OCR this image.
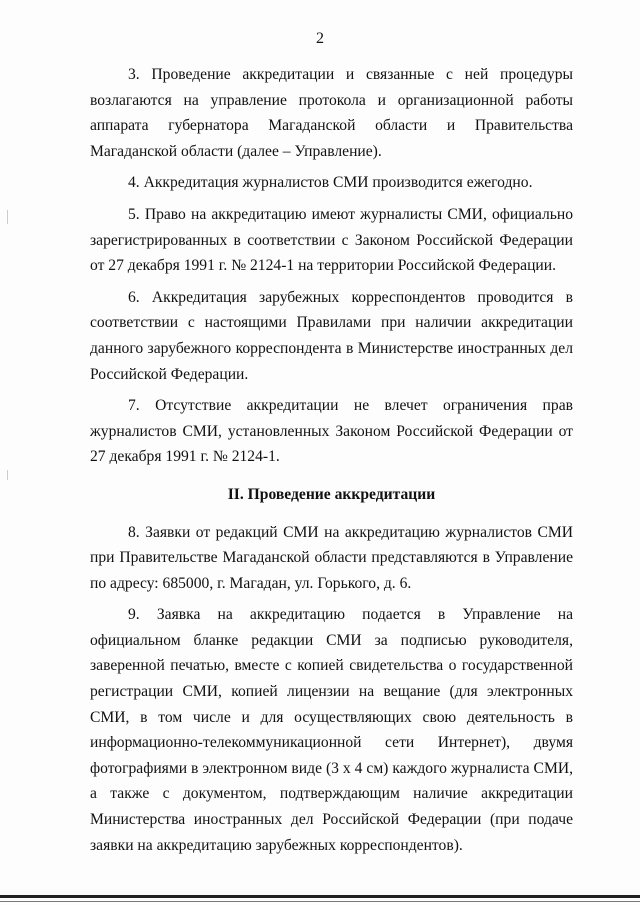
2

3. Проведение аккредитации и связанные с ней процедуры возлагаются на управление протокола и организационной работы аппарата губернатора Магаданской области и Правительства Магаданской области (далее – Управление).

4. Аккредитация журналистов СМИ производится ежегодно.

5. Право на аккредитацию имеют журналисты СМИ, официально зарегистрированных в соответствии с Законом Российской Федерации от 27 декабря 1991 г. № 2124-1 на территории Российской Федерации.

6. Аккредитация зарубежных корреспондентов проводится в соответствии с настоящими Правилами при наличии аккредитации данного зарубежного корреспондента в Министерстве иностранных дел Российской Федерации.

7. Отсутствие аккредитации не влечет ограничения прав журналистов СМИ, установленных Законом Российской Федерации от 27 декабря 1991 г. № 2124-1.

II. Проведение аккредитации

8. Заявки от редакций СМИ на аккредитацию журналистов СМИ при Правительстве Магаданской области представляются в Управление по адресу: 685000, г. Магадан, ул. Горького, д. 6.

9. Заявка на аккредитацию подается в Управление на официальном бланке редакции СМИ за подписью руководителя, заверенной печатью, вместе с копией свидетельства о государственной регистрации СМИ, копией лицензии на вещание (для электронных СМИ, в том числе и для осуществляющих свою деятельность в информационно-телекоммуникационной сети Интернет), двумя фотографиями в электронном виде (3 х 4 см) каждого журналиста СМИ, а также с документом, подтверждающим наличие аккредитации Министерства иностранных дел Российской Федерации (при подаче заявки на аккредитацию зарубежных корреспондентов).
